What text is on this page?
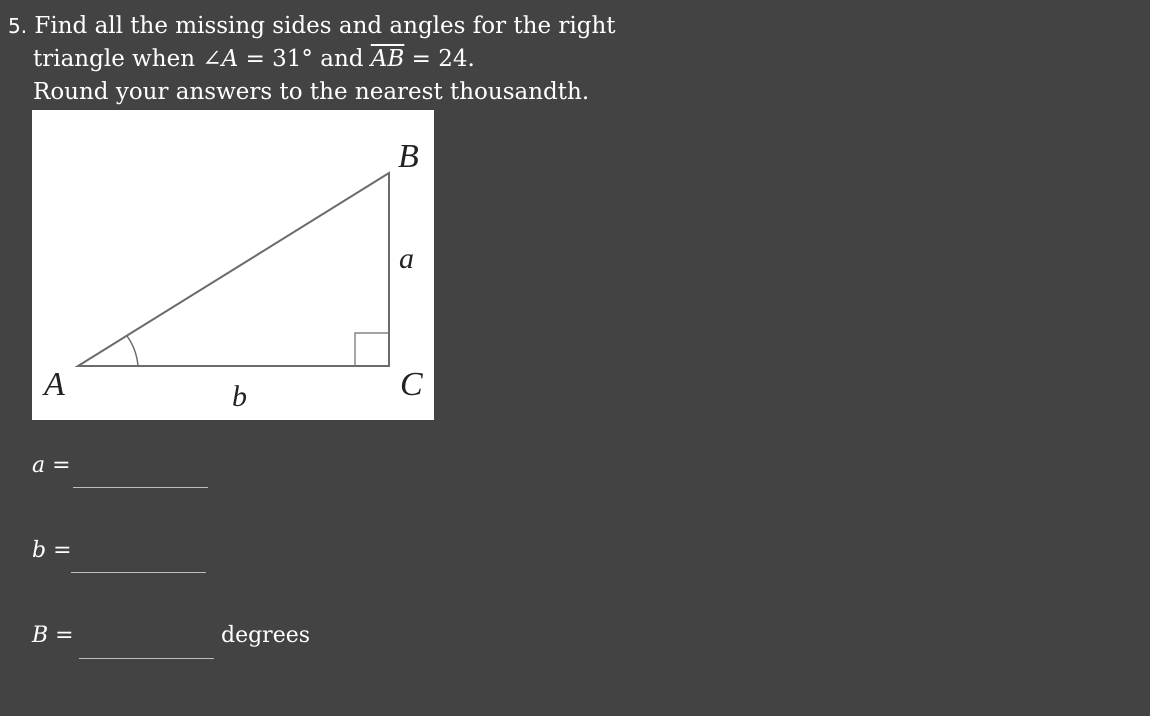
5. Find all the missing sides and angles for the right
triangle when ∠A = 31° and $\overline{AB} = 24$.
Round your answers to the nearest thousandth.
A
B
C
a
b
a =
b =
B =	degrees
